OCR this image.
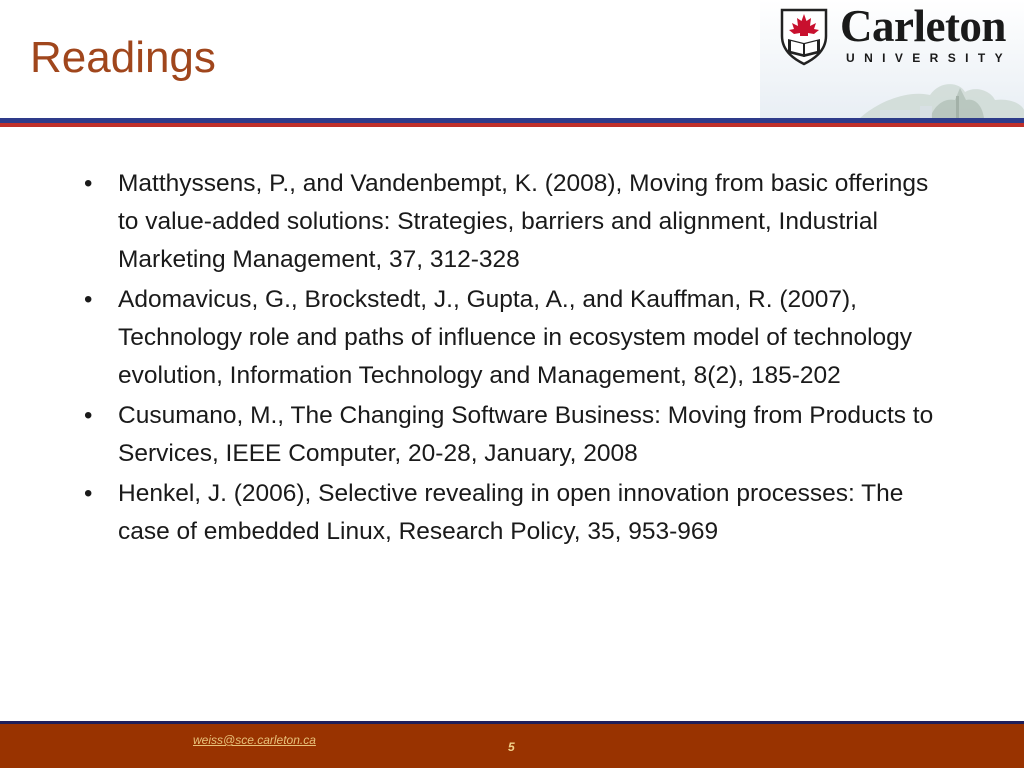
Readings
Carleton
UNIVERSITY
• Matthyssens, P., and Vandenbempt, K. (2008), Moving from basic offerings to value-added solutions: Strategies, barriers and alignment, Industrial Marketing Management, 37, 312-328
• Adomavicus, G., Brockstedt, J., Gupta, A., and Kauffman, R. (2007), Technology role and paths of influence in ecosystem model of technology evolution, Information Technology and Management, 8(2), 185-202
• Cusumano, M., The Changing Software Business: Moving from Products to Services, IEEE Computer, 20-28, January, 2008
• Henkel, J. (2006), Selective revealing in open innovation processes: The case of embedded Linux, Research Policy, 35, 953-969
weiss@sce.carleton.ca	5
